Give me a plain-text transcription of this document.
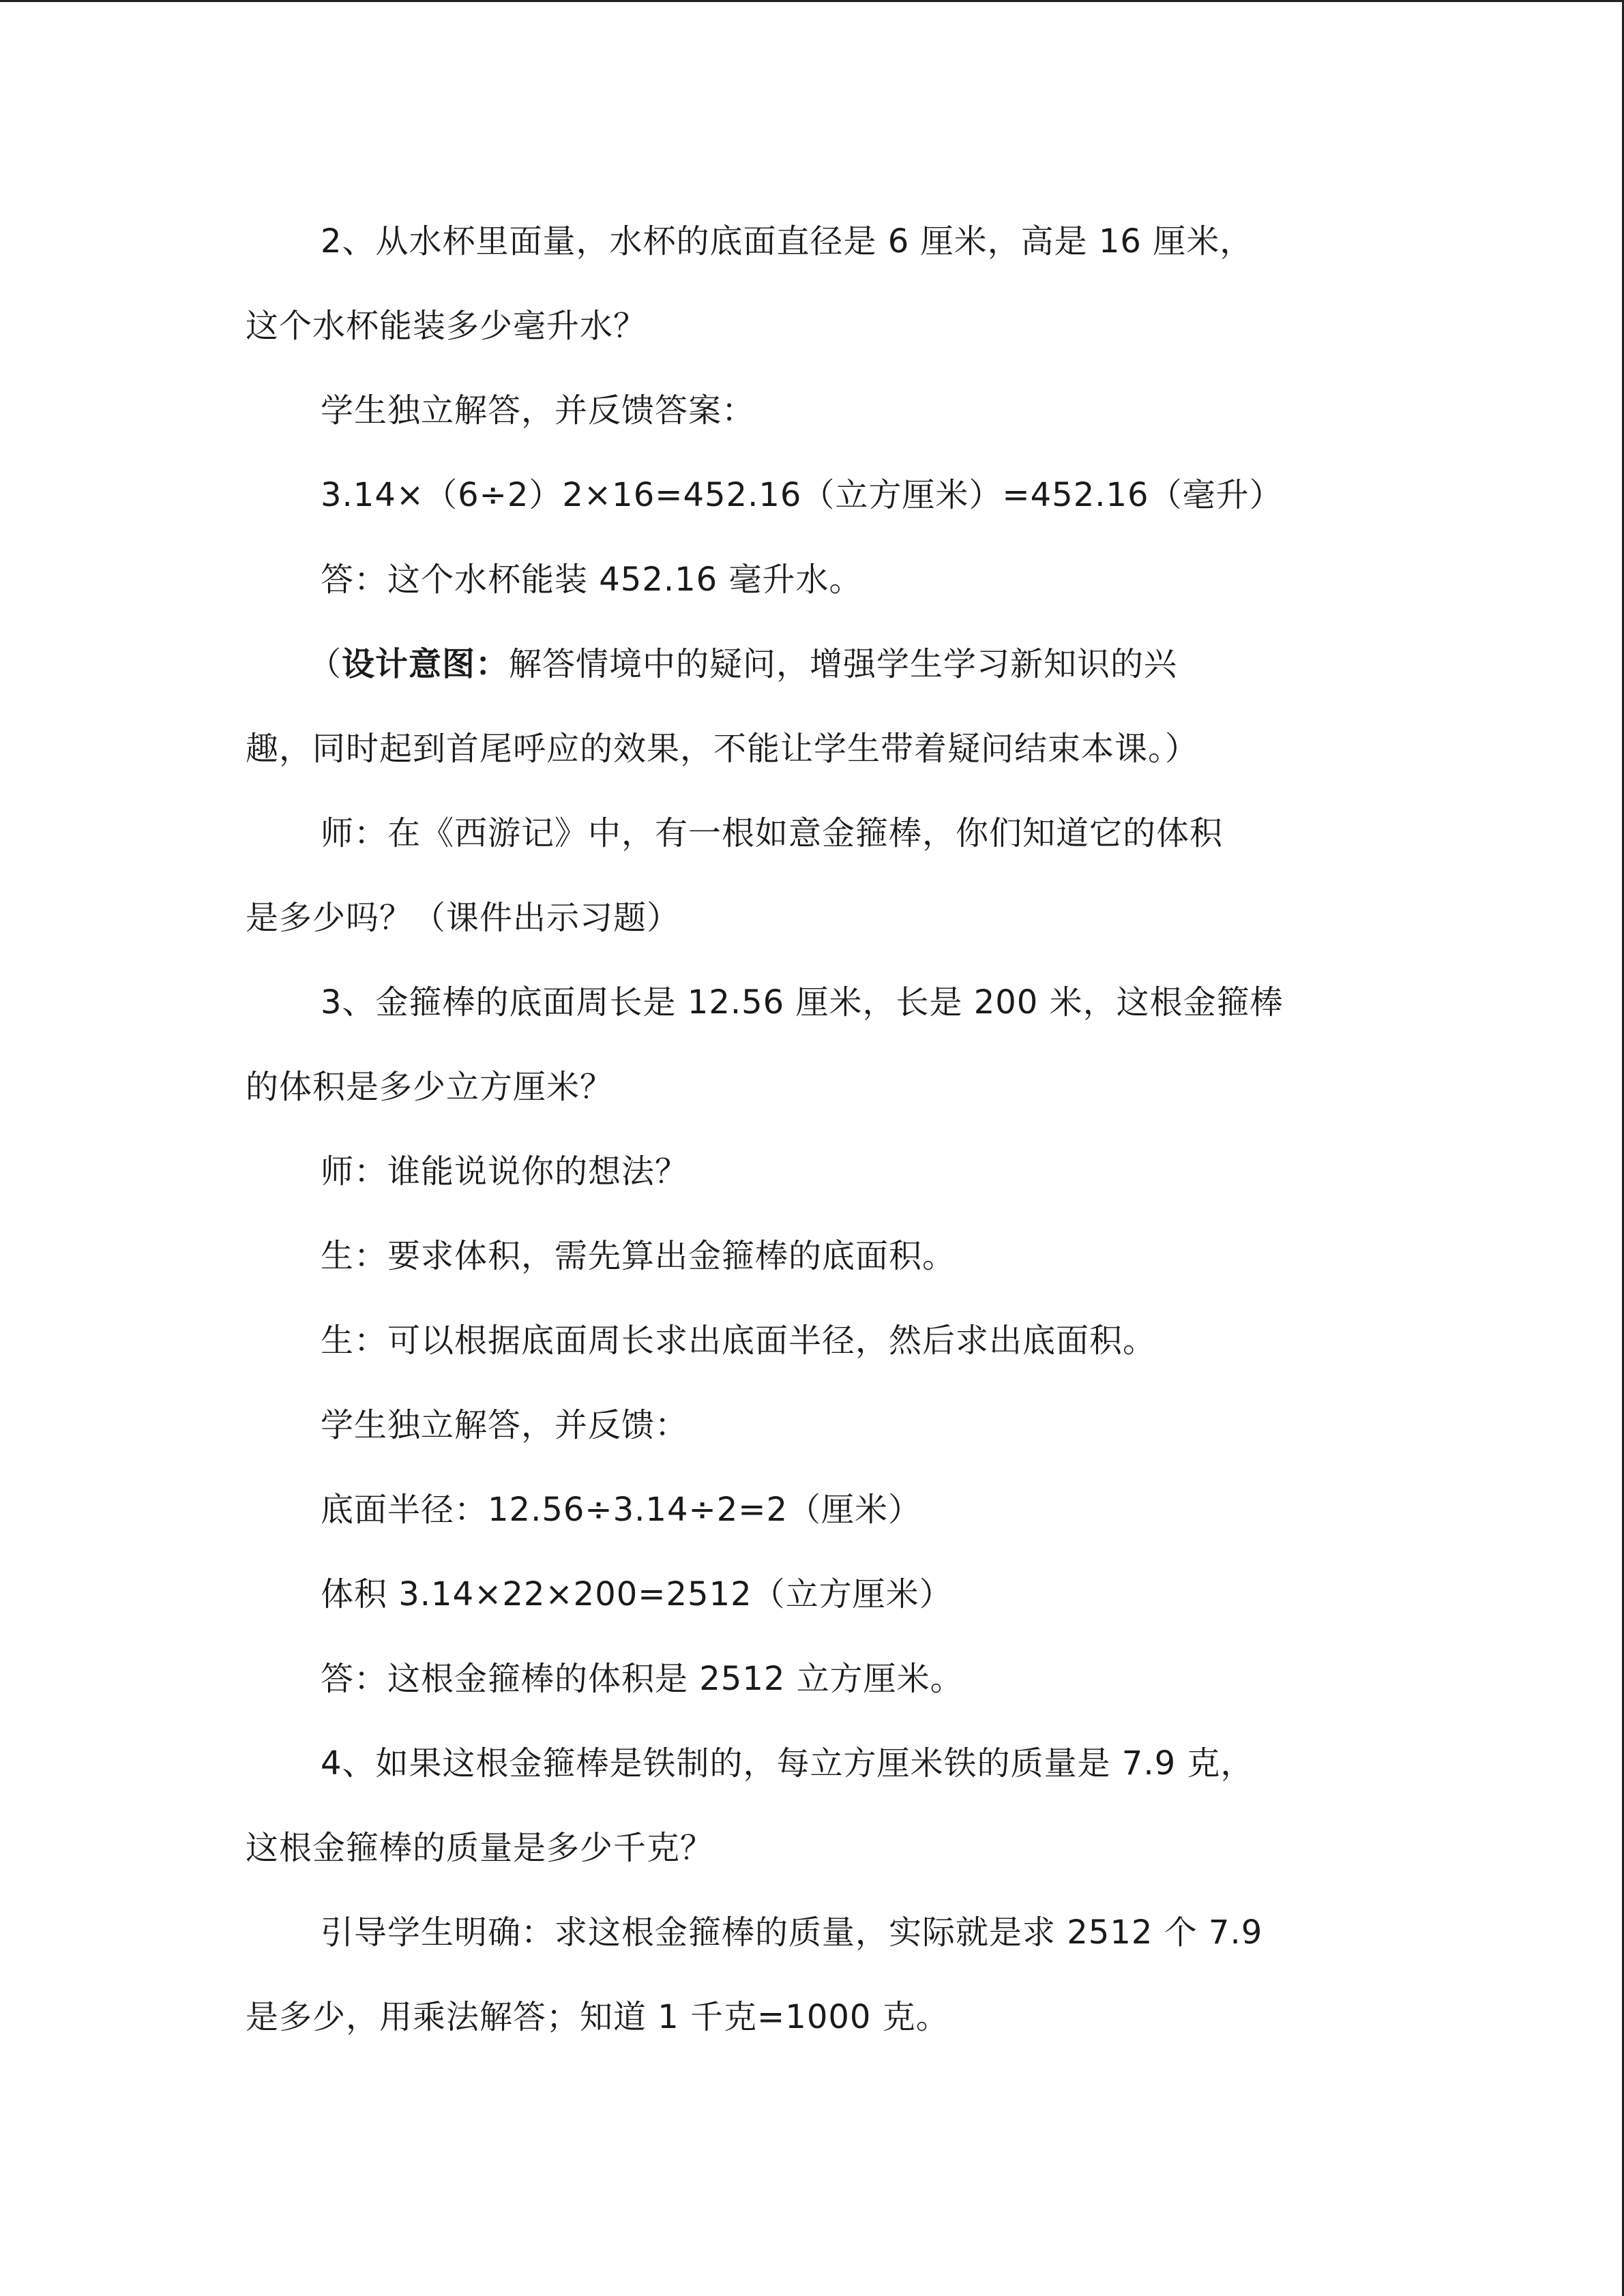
2、从水杯里面量，水杯的底面直径是 6 厘米，高是 16 厘米，
这个水杯能装多少毫升水？
学生独立解答，并反馈答案：
3.14×（6÷2）2×16=452.16（立方厘米）=452.16（毫升）
答：这个水杯能装 452.16 毫升水。
（设计意图：解答情境中的疑问，增强学生学习新知识的兴
趣，同时起到首尾呼应的效果，不能让学生带着疑问结束本课。）
师：在《西游记》中，有一根如意金箍棒，你们知道它的体积
是多少吗？（课件出示习题）
3、金箍棒的底面周长是 12.56 厘米，长是 200 米，这根金箍棒
的体积是多少立方厘米？
师：谁能说说你的想法？
生：要求体积，需先算出金箍棒的底面积。
生：可以根据底面周长求出底面半径，然后求出底面积。
学生独立解答，并反馈：
底面半径：12.56÷3.14÷2=2（厘米）
体积 3.14×22×200=2512（立方厘米）
答：这根金箍棒的体积是 2512 立方厘米。
4、如果这根金箍棒是铁制的，每立方厘米铁的质量是 7.9 克，
这根金箍棒的质量是多少千克？
引导学生明确：求这根金箍棒的质量，实际就是求 2512 个 7.9
是多少，用乘法解答；知道 1 千克=1000 克。
